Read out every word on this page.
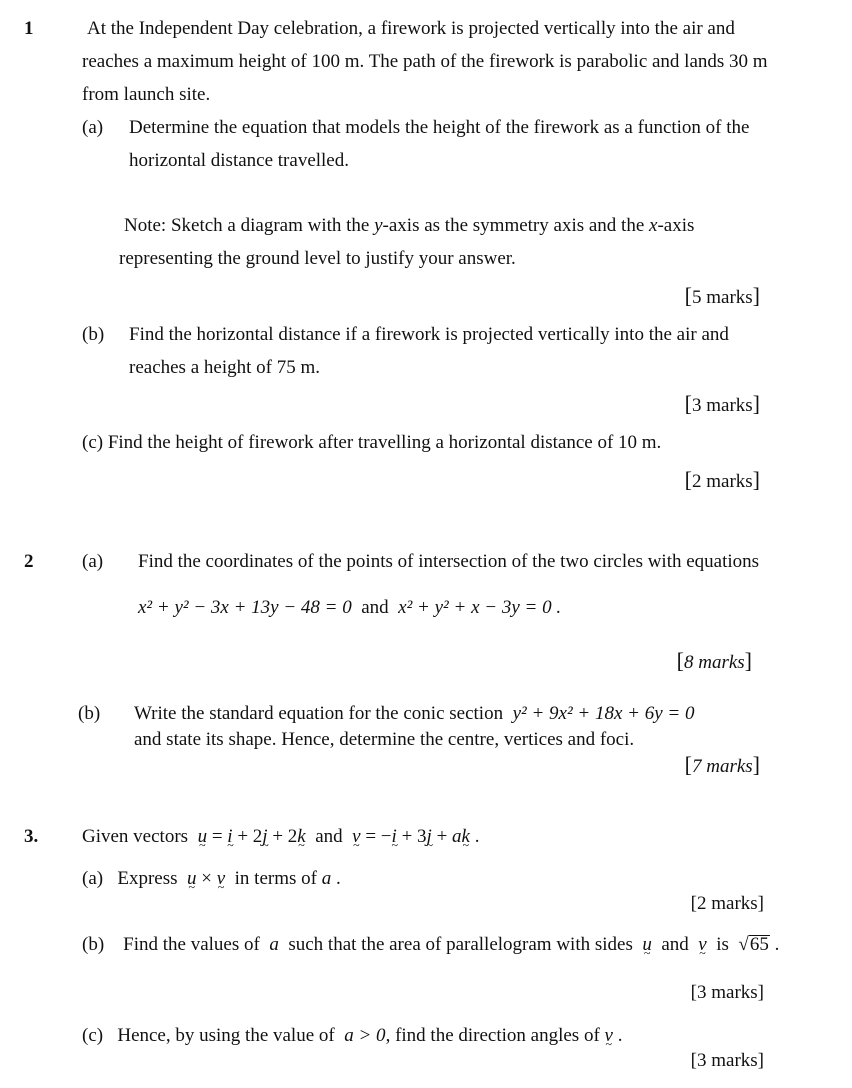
1	At the Independent Day celebration, a firework is projected vertically into the air and
reaches a maximum height of 100 m. The path of the firework is parabolic and lands 30 m
from launch site.
(a) Determine the equation that models the height of the firework as a function of the
horizontal distance travelled.
Note: Sketch a diagram with the y-axis as the symmetry axis and the x-axis
representing the ground level to justify your answer.
[5 marks]
(b) Find the horizontal distance if a firework is projected vertically into the air and
reaches a height of 75 m.
[3 marks]
(c) Find the height of firework after travelling a horizontal distance of 10 m.
[2 marks]
2	(a) Find the coordinates of the points of intersection of the two circles with equations
x² + y² − 3x + 13y − 48 = 0 and x² + y² + x − 3y = 0 .
[8 marks]
(b) Write the standard equation for the conic section y² + 9x² + 18x + 6y = 0
and state its shape. Hence, determine the centre, vertices and foci.
[7 marks]
3. Given vectors u ~ = i ~ + 2j ~ + 2k ~ and v ~ = −i ~ + 3j ~ + ak ~ .
(a) Express u ~ × v ~ in terms of a .
[2 marks]
(b) Find the values of a such that the area of parallelogram with sides u ~ and v ~ is √65 .
[3 marks]
(c) Hence, by using the value of a > 0, find the direction angles of v ~ .
[3 marks]
